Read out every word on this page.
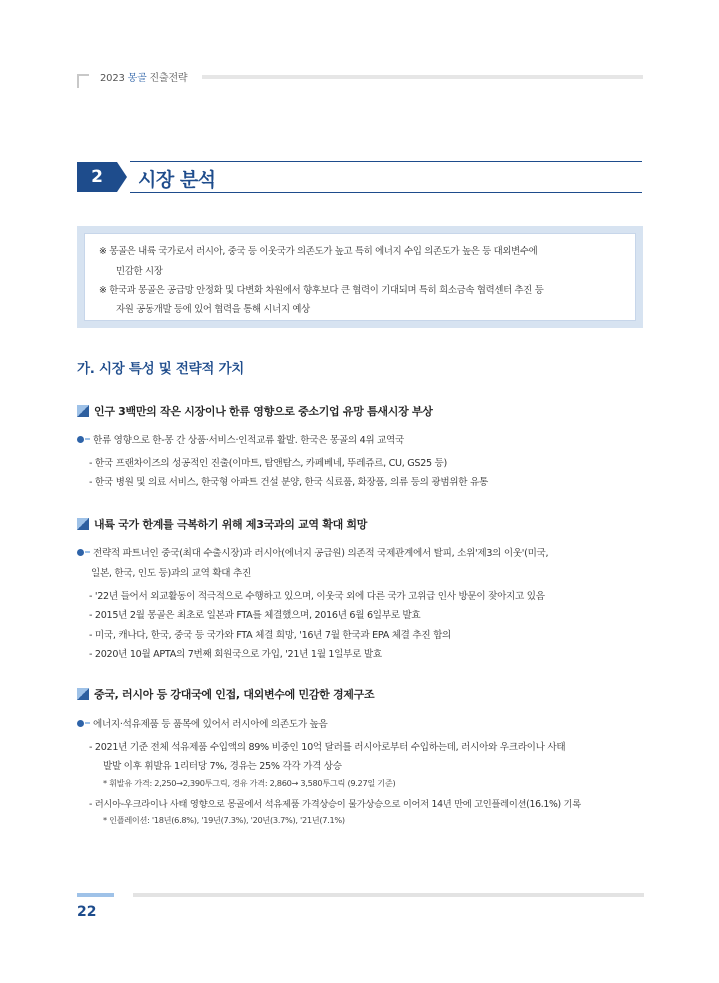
2023 몽골 진출전략
2	시장 분석
※ 몽골은 내륙 국가로서 러시아, 중국 등 이웃국가 의존도가 높고 특히 에너지 수입 의존도가 높은 등 대외변수에
민감한 시장
※ 한국과 몽골은 공급망 안정화 및 다변화 차원에서 향후보다 큰 협력이 기대되며 특히 희소금속 협력센터 추진 등
자원 공동개발 등에 있어 협력을 통해 시너지 예상
가. 시장 특성 및 전략적 가치
인구 3백만의 작은 시장이나 한류 영향으로 중소기업 유망 틈새시장 부상
한류 영향으로 한-몽 간 상품·서비스·인적교류 활발. 한국은 몽골의 4위 교역국
- 한국 프랜차이즈의 성공적인 진출(이마트, 탐앤탐스, 카페베네, 뚜레쥬르, CU, GS25 등)
- 한국 병원 및 의료 서비스, 한국형 아파트 건설 분양, 한국 식료품, 화장품, 의류 등의 광범위한 유통
내륙 국가 한계를 극복하기 위해 제3국과의 교역 확대 희망
전략적 파트너인 중국(최대 수출시장)과 러시아(에너지 공급원) 의존적 국제관계에서 탈피, 소위'제3의 이웃'(미국,
일본, 한국, 인도 등)과의 교역 확대 추진
- '22년 들어서 외교활동이 적극적으로 수행하고 있으며, 이웃국 외에 다른 국가 고위급 인사 방문이 잦아지고 있음
- 2015년 2월 몽골은 최초로 일본과 FTA를 체결했으며, 2016년 6월 6일부로 발효
- 미국, 캐나다, 한국, 중국 등 국가와 FTA 체결 희망, '16년 7월 한국과 EPA 체결 추진 합의
- 2020년 10월 APTA의 7번째 회원국으로 가입, '21년 1월 1일부로 발효
중국, 러시아 등 강대국에 인접, 대외변수에 민감한 경제구조
에너지·석유제품 등 품목에 있어서 러시아에 의존도가 높음
- 2021년 기준 전체 석유제품 수입액의 89% 비중인 10억 달러를 러시아로부터 수입하는데, 러시아와 우크라이나 사태
발발 이후 휘발유 1리터당 7%, 경유는 25% 각각 가격 상승
* 휘발유 가격: 2,250→2,390투그릭, 경유 가격: 2,860→ 3,580투그릭 (9.27일 기준)
- 러시아-우크라이나 사태 영향으로 몽골에서 석유제품 가격상승이 물가상승으로 이어저 14년 만에 고인플레이션(16.1%) 기록
* 인플레이션: '18년(6.8%), '19년(7.3%), '20년(3.7%), '21년(7.1%)
22
